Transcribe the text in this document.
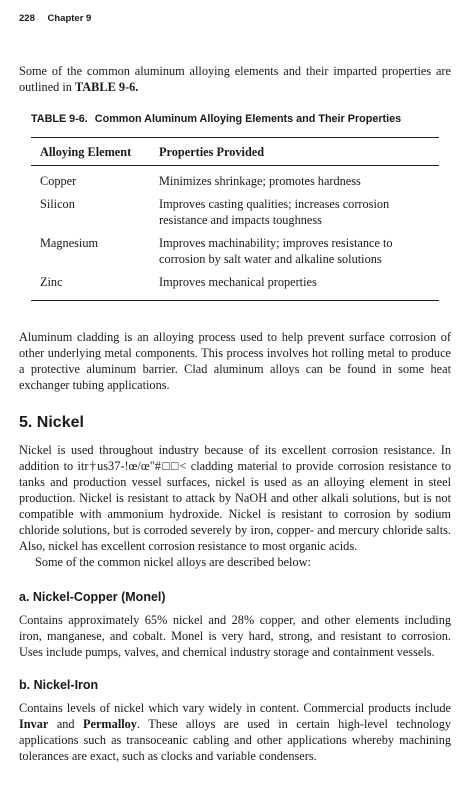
228 Chapter 9

Some of the common aluminum alloying elements and their imparted properties are outlined in TABLE 9-6.

TABLE 9-6. Common Aluminum Alloying Elements and Their Properties
Alloying Element	Properties Provided
Copper	Minimizes shrinkage; promotes hardness
Silicon	Improves casting qualities; increases corrosion resistance and impacts toughness
Magnesium	Improves machinability; improves resistance to corrosion by salt water and alkaline solutions
Zinc	Improves mechanical properties

Aluminum cladding is an alloying process used to help prevent surface corrosion of other underlying metal components. This process involves hot rolling metal to produce a protective aluminum barrier. Clad aluminum alloys can be found in some heat exchanger tubing applications.

5. Nickel

Nickel is used throughout industry because of its excellent corrosion resistance. In addition to itr†us37-!œ/œ"#□□< cladding material to provide corrosion resistance to tanks and production vessel surfaces, nickel is used as an alloying element in steel production. Nickel is resistant to attack by NaOH and other alkali solutions, but is not compatible with ammonium hydroxide. Nickel is resistant to corrosion by sodium chloride solutions, but is corroded severely by iron, copper- and mercury chloride salts. Also, nickel has excellent corrosion resistance to most organic acids.

Some of the common nickel alloys are described below:

a. Nickel-Copper (Monel)

Contains approximately 65% nickel and 28% copper, and other elements including iron, manganese, and cobalt. Monel is very hard, strong, and resistant to corrosion. Uses include pumps, valves, and chemical industry storage and containment vessels.

b. Nickel-Iron

Contains levels of nickel which vary widely in content. Commercial products include Invar and Permalloy. These alloys are used in certain high-level technology applications such as transoceanic cabling and other applications whereby machining tolerances are exact, such as clocks and variable condensers.
